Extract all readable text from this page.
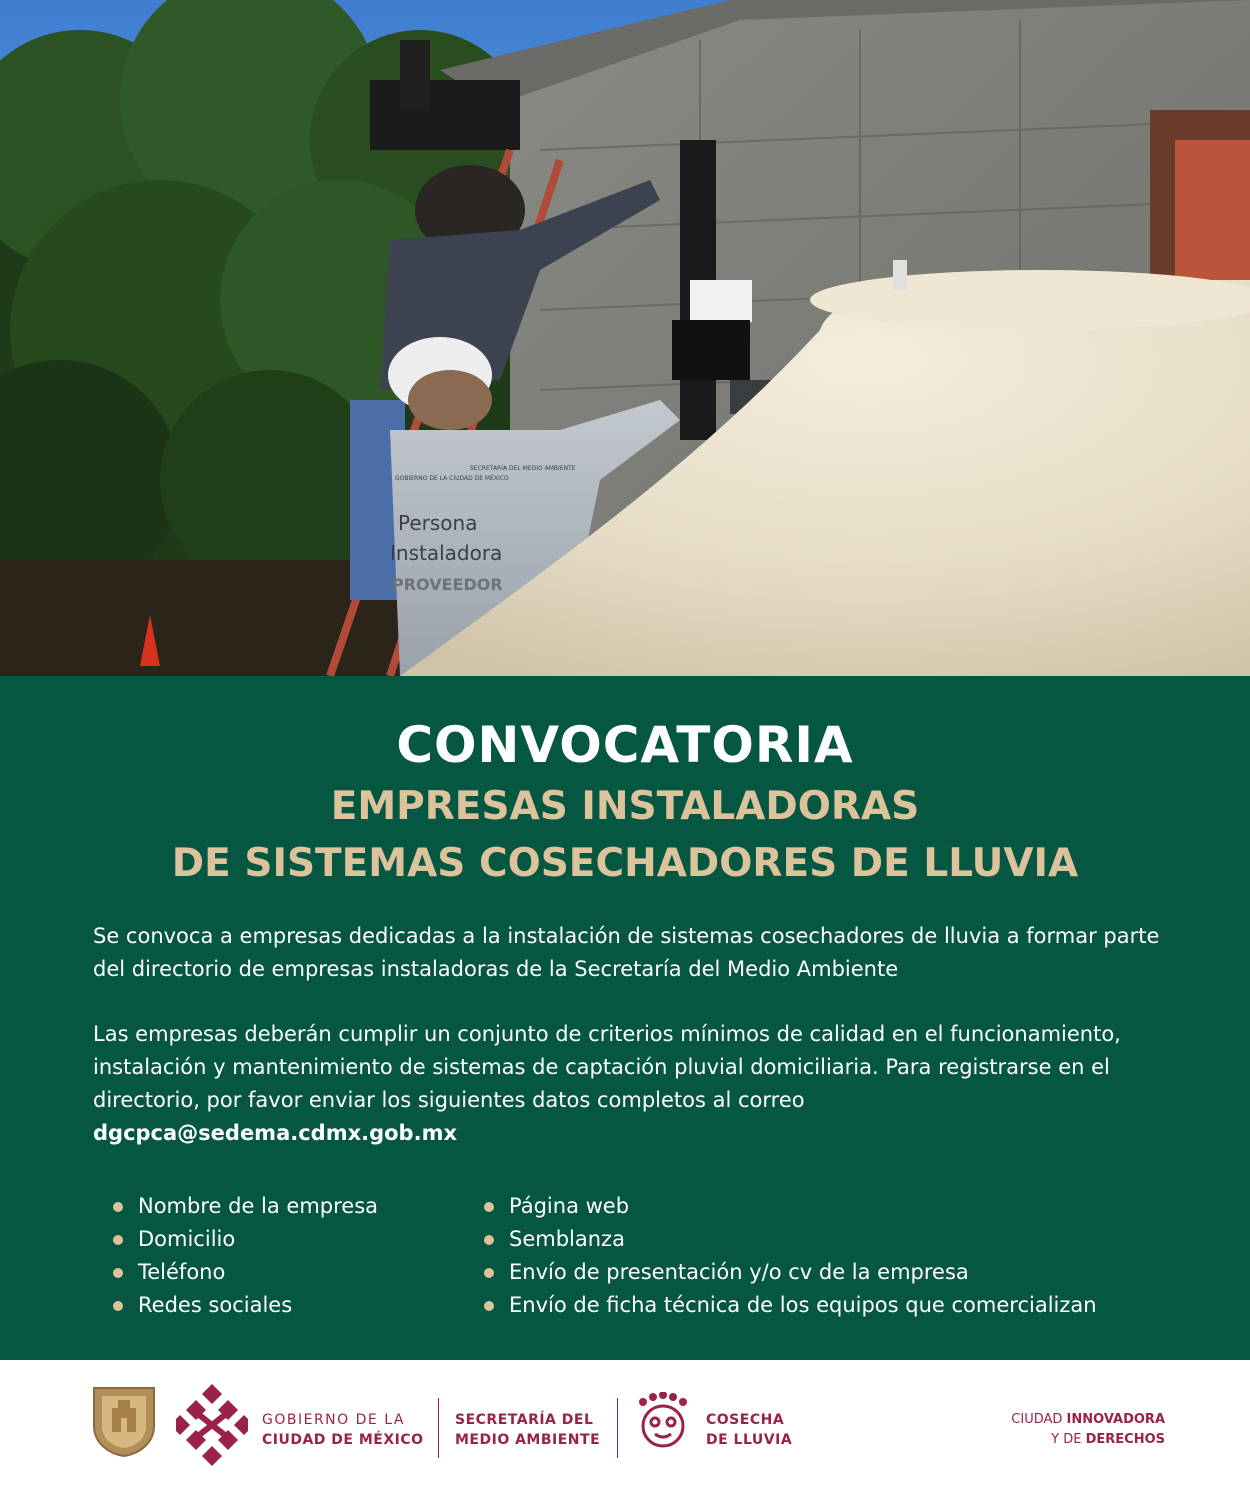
Persona
Instaladora
PROVEEDOR
GOBIERNO DE LA CIUDAD DE MÉXICO
SECRETARÍA DEL MEDIO AMBIENTE
CONVOCATORIA
EMPRESAS INSTALADORAS
DE SISTEMAS COSECHADORES DE LLUVIA
Se convoca a empresas dedicadas a la instalación de sistemas cosechadores de lluvia a formar parte del directorio de empresas instaladoras de la Secretaría del Medio Ambiente
Las empresas deberán cumplir un conjunto de criterios mínimos de calidad en el funcionamiento, instalación y mantenimiento de sistemas de captación pluvial domiciliaria. Para registrarse en el directorio, por favor enviar los siguientes datos completos al correo
dgcpca@sedema.cdmx.gob.mx
Nombre de la empresa
Domicilio
Teléfono
Redes sociales
Página web
Semblanza
Envío de presentación y/o cv de la empresa
Envío de ficha técnica de los equipos que comercializan
GOBIERNO DE LA
CIUDAD DE MÉXICO
SECRETARÍA DEL
MEDIO AMBIENTE
COSECHA
DE LLUVIA
CIUDAD INNOVADORA
Y DE DERECHOS
